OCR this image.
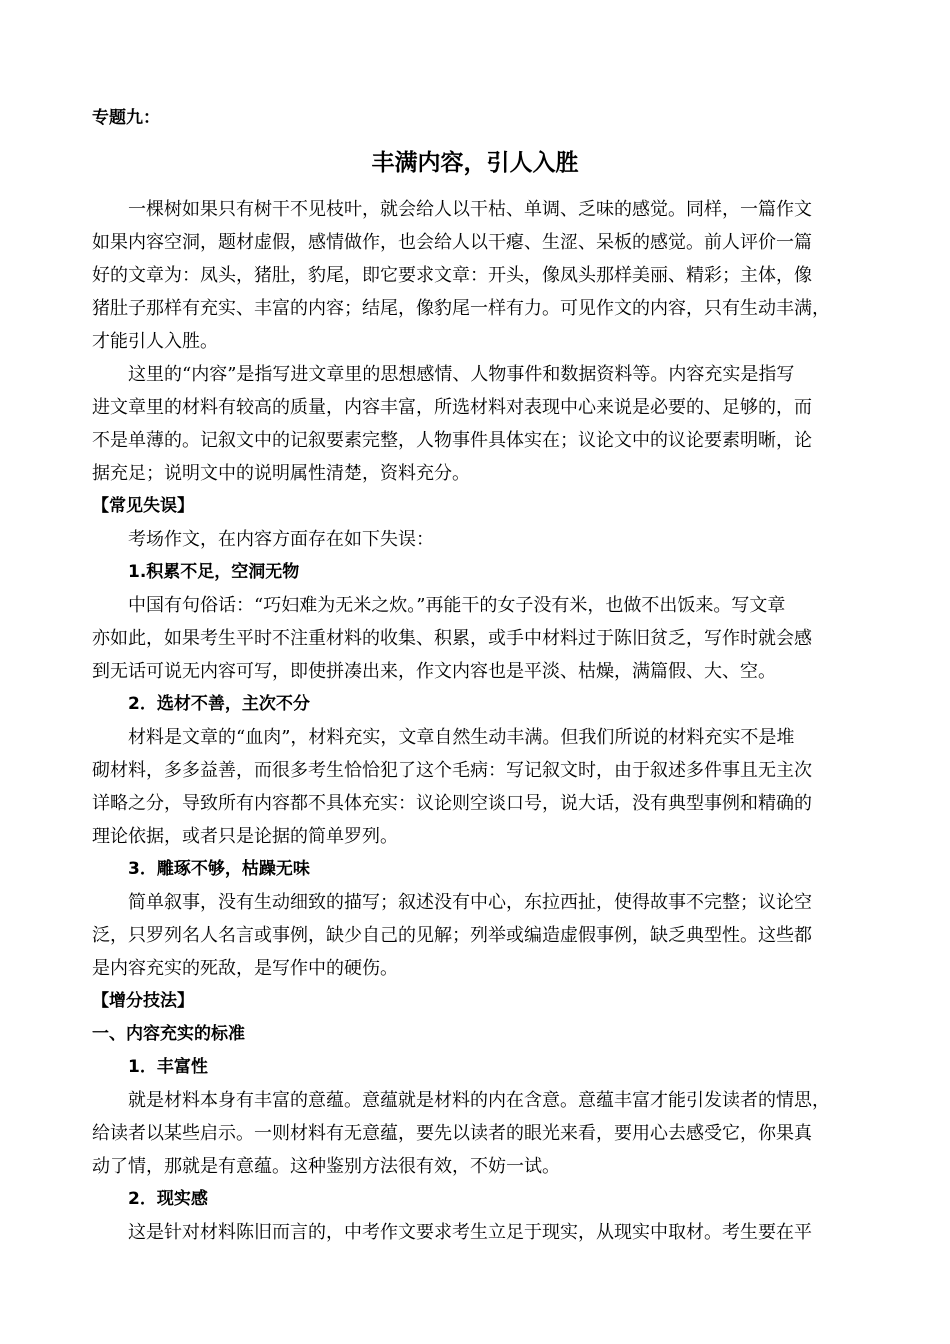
专题九：
丰满内容，引人入胜

一棵树如果只有树干不见枝叶，就会给人以干枯、单调、乏味的感觉。同样，一篇作文
如果内容空洞，题材虚假，感情做作，也会给人以干瘪、生涩、呆板的感觉。前人评价一篇
好的文章为：凤头，猪肚，豹尾，即它要求文章：开头，像凤头那样美丽、精彩；主体，像
猪肚子那样有充实、丰富的内容；结尾，像豹尾一样有力。可见作文的内容，只有生动丰满，
才能引人入胜。

这里的“内容”是指写进文章里的思想感情、人物事件和数据资料等。内容充实是指写
进文章里的材料有较高的质量，内容丰富，所选材料对表现中心来说是必要的、足够的，而
不是单薄的。记叙文中的记叙要素完整，人物事件具体实在；议论文中的议论要素明晰，论
据充足；说明文中的说明属性清楚，资料充分。

【常见失误】

考场作文，在内容方面存在如下失误：

1.积累不足，空洞无物

中国有句俗话：“巧妇难为无米之炊。”再能干的女子没有米，也做不出饭来。写文章
亦如此，如果考生平时不注重材料的收集、积累，或手中材料过于陈旧贫乏，写作时就会感
到无话可说无内容可写，即使拼凑出来，作文内容也是平淡、枯燥，满篇假、大、空。

2．选材不善，主次不分

材料是文章的“血肉”，材料充实，文章自然生动丰满。但我们所说的材料充实不是堆
砌材料，多多益善，而很多考生恰恰犯了这个毛病：写记叙文时，由于叙述多件事且无主次
详略之分，导致所有内容都不具体充实：议论则空谈口号，说大话，没有典型事例和精确的
理论依据，或者只是论据的简单罗列。

3．雕琢不够，枯躁无味

简单叙事，没有生动细致的描写；叙述没有中心，东拉西扯，使得故事不完整；议论空
泛，只罗列名人名言或事例，缺少自己的见解；列举或编造虚假事例，缺乏典型性。这些都
是内容充实的死敌，是写作中的硬伤。

【增分技法】

一、内容充实的标准

1．丰富性

就是材料本身有丰富的意蕴。意蕴就是材料的内在含意。意蕴丰富才能引发读者的情思，
给读者以某些启示。一则材料有无意蕴，要先以读者的眼光来看，要用心去感受它，你果真
动了情，那就是有意蕴。这种鉴别方法很有效，不妨一试。

2．现实感

这是针对材料陈旧而言的，中考作文要求考生立足于现实，从现实中取材。考生要在平
